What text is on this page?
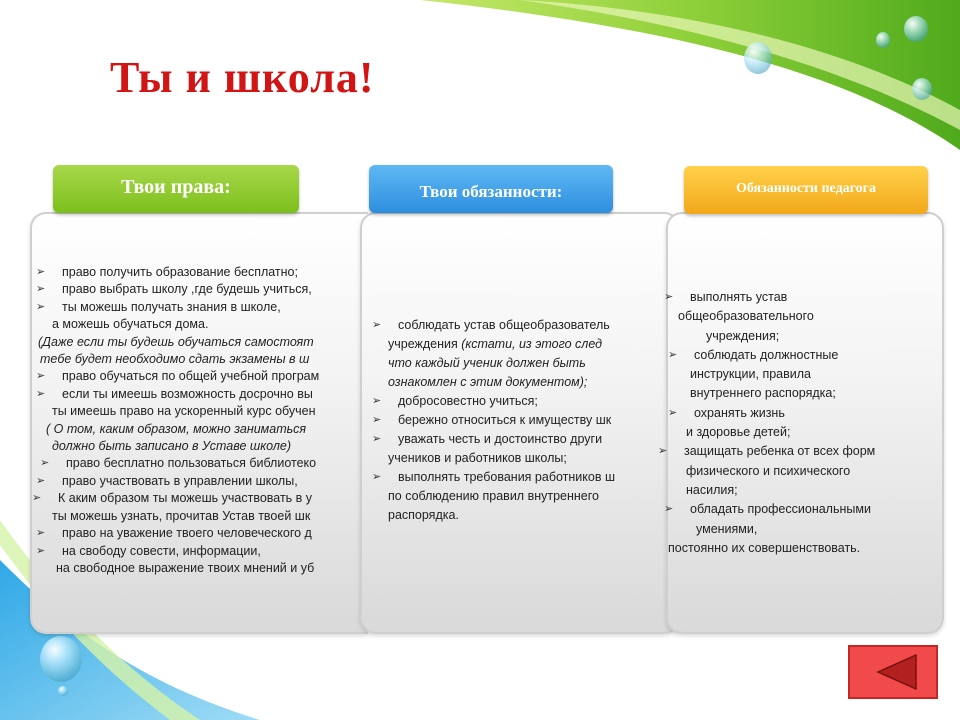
Ты и школа!
➢ право получить образование бесплатно;
➢ право выбрать школу ,где будешь учиться,
➢ ты можешь получать знания в школе,
а можешь обучаться дома.
(Даже если ты будешь обучаться самостоят
тебе будет необходимо сдать экзамены в ш
➢ право обучаться по общей учебной програм
➢ если ты имеешь возможность досрочно вы
ты имеешь право на ускоренный курс обучен
( О том, каким образом, можно заниматься
должно быть записано в Уставе школе)
➢ право бесплатно пользоваться библиотеко
➢ право участвовать в управлении школы,
➢ К аким образом ты можешь участвовать в у
ты можешь узнать, прочитав Устав твоей шк
➢ право на уважение твоего человеческого д
➢ на свободу совести, информации,
на свободное выражение твоих мнений и уб
➢ соблюдать устав общеобразователь
учреждения (кстати, из этого след
что каждый ученик должен быть
ознакомлен с этим документом);
➢ добросовестно учиться;
➢ бережно относиться к имуществу шк
➢ уважать честь и достоинство други
учеников и работников школы;
➢ выполнять требования работников ш
по соблюдению правил внутреннего
распорядка.
➢ выполнять устав
общеобразовательного
учреждения;
➢ соблюдать должностные
инструкции, правила
внутреннего распорядка;
➢ охранять жизнь
и здоровье детей;
➢ защищать ребенка от всех форм
физического и психического
насилия;
➢ обладать профессиональными
умениями,
постоянно их совершенствовать.
Твои права:	Твои обязанности:	Обязанности педагога
